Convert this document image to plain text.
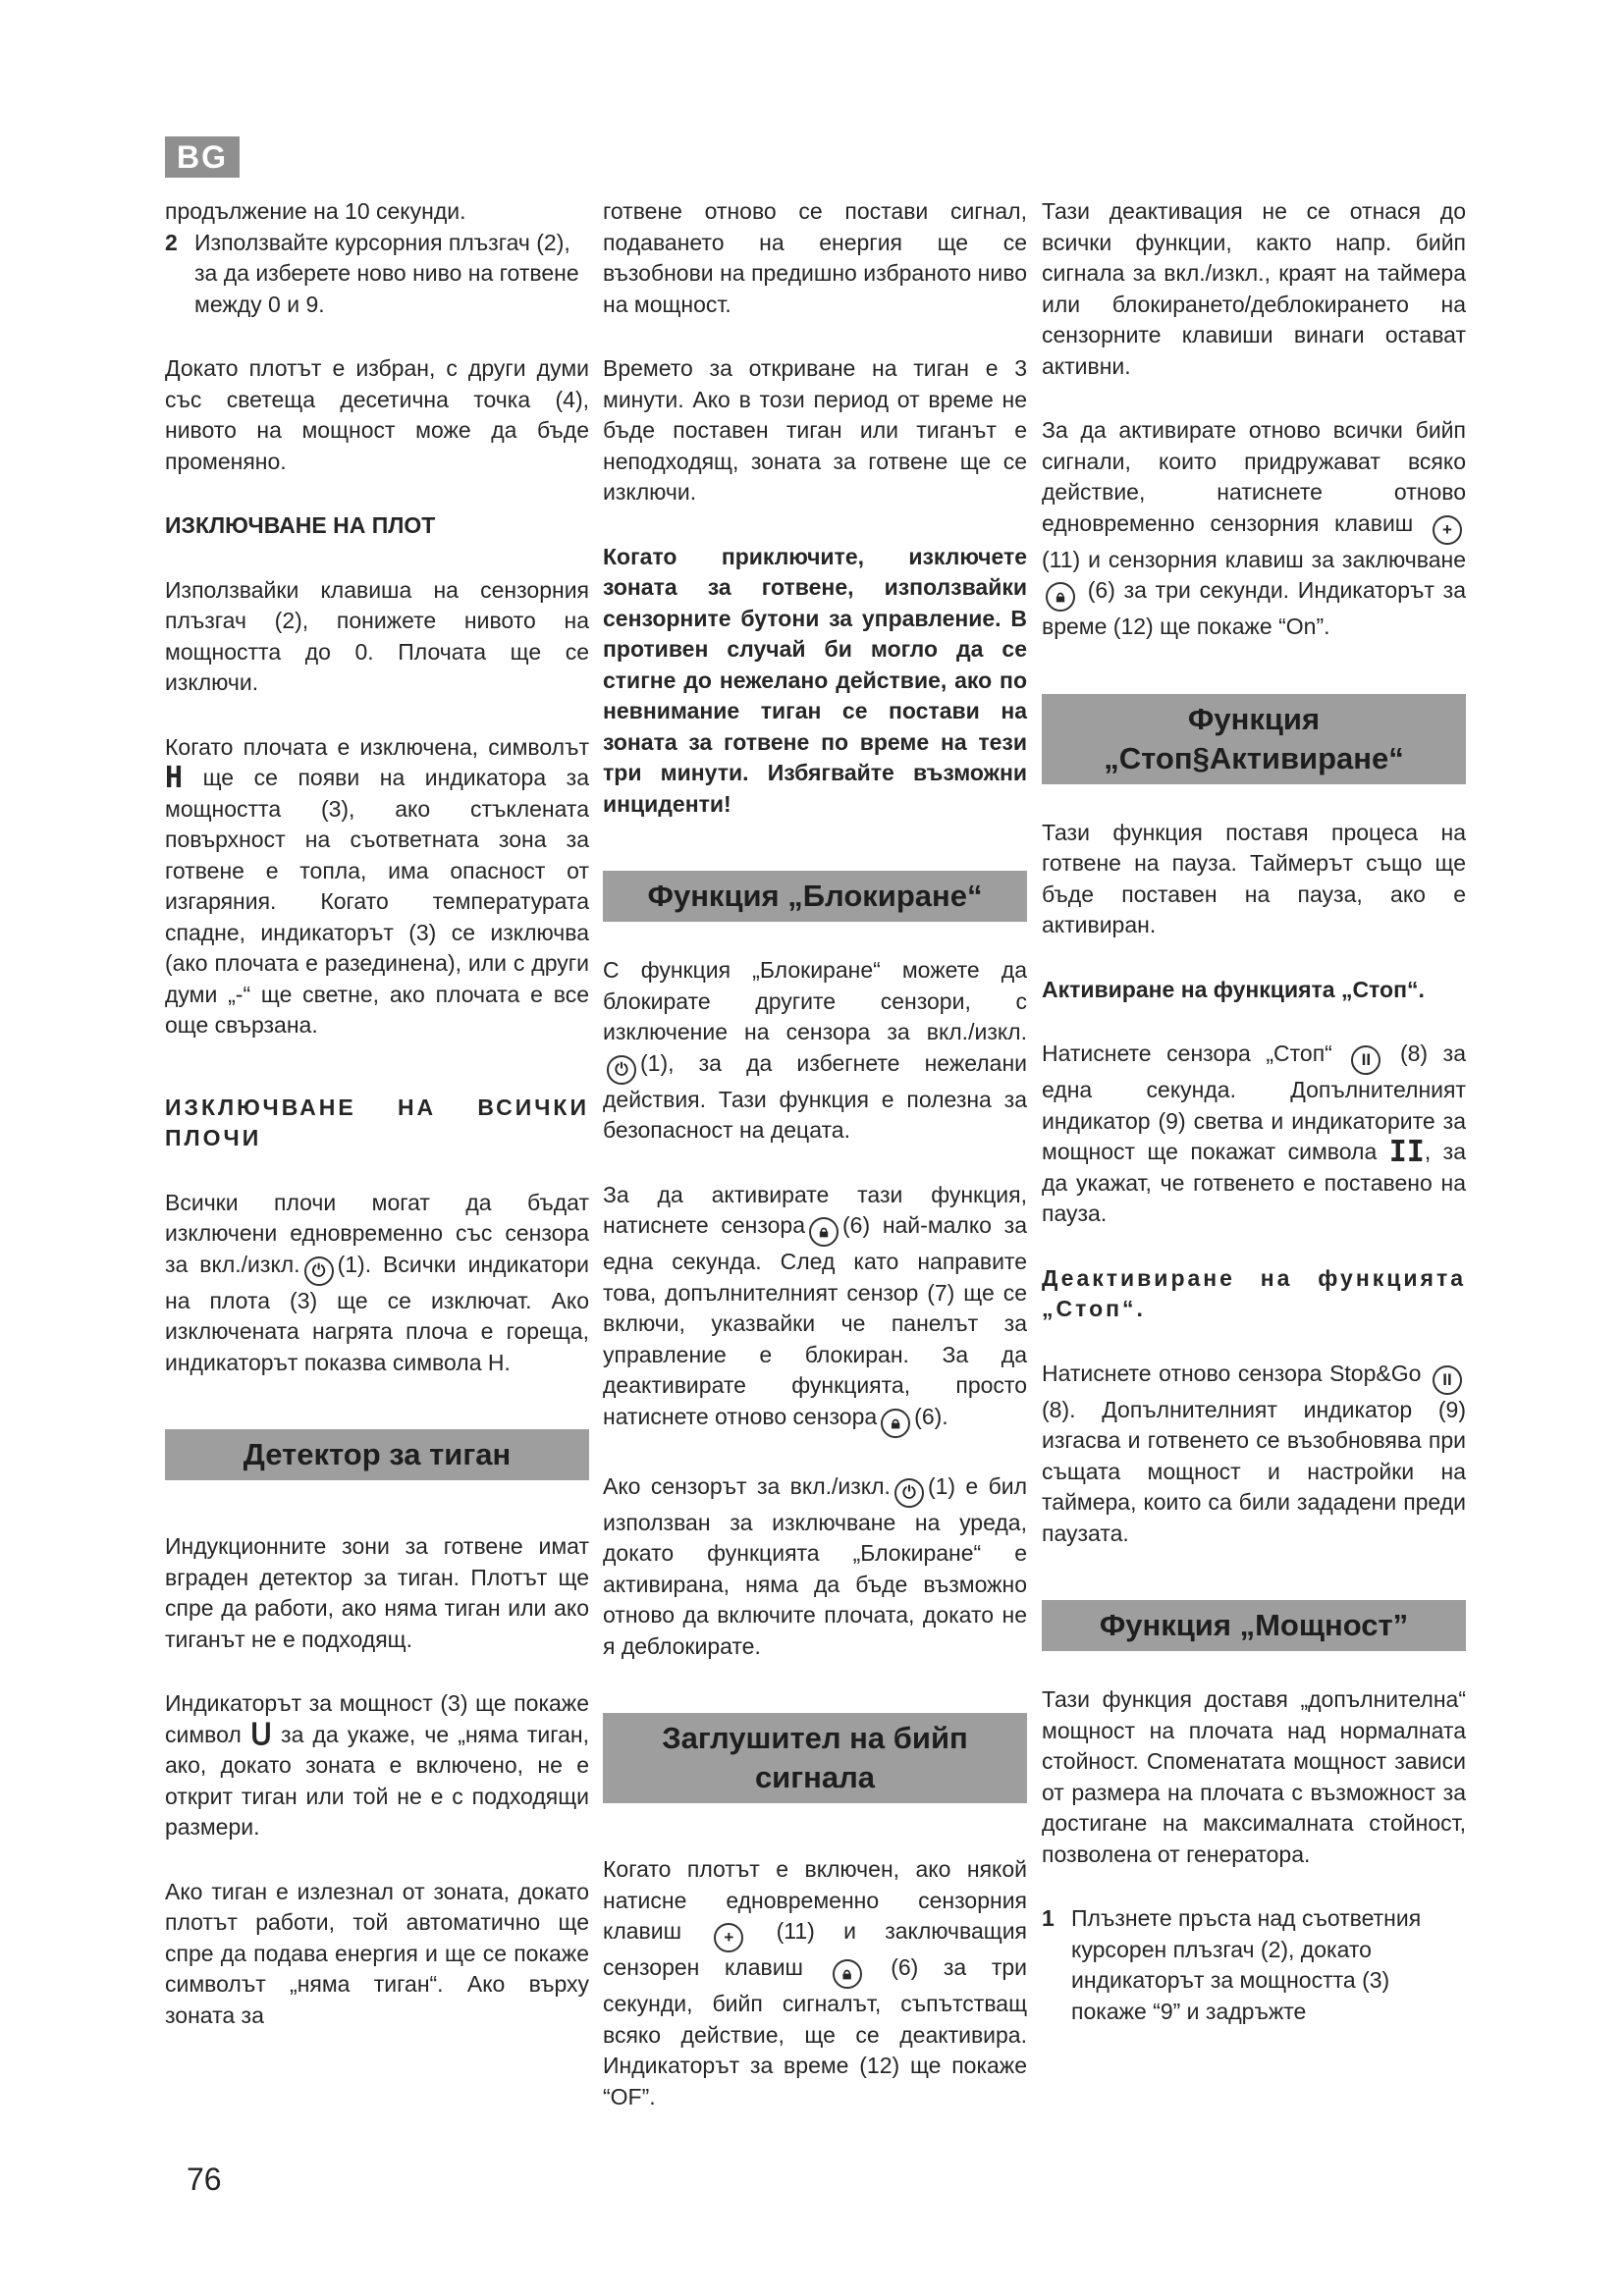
BG

продължение на 10 секунди.

2 Използвайте курсорния плъзгач (2), за да изберете ново ниво на готвене между 0 и 9.

Докато плотът е избран, с други думи със светеща десетична точка (4), нивото на мощност може да бъде променяно.

ИЗКЛЮЧВАНЕ НА ПЛОТ

Използвайки клавиша на сензорния плъзгач (2), понижете нивото на мощността до 0. Плочата ще се изключи.

Когато плочата е изключена, символът H ще се появи на индикатора за мощността (3), ако стъклената повърхност на съответната зона за готвене е топла, има опасност от изгаряния. Когато температурата спадне, индикаторът (3) се изключва (ако плочата е разединена), или с други думи „-“ ще светне, ако плочата е все още свързана.

ИЗКЛЮЧВАНЕ НА ВСИЧКИ ПЛОЧИ

Всички плочи могат да бъдат изключени едновременно със сензора за вкл./изкл. ⏻ (1). Всички индикатори на плота (3) ще се изключат. Ако изключената нагрята плоча е гореща, индикаторът показва символа Н.

Детектор за тиган

Индукционните зони за готвене имат вграден детектор за тиган. Плотът ще спре да работи, ако няма тиган или ако тиганът не е подходящ.

Индикаторът за мощност (3) ще покаже символ ᑌ за да укаже, че „няма тиган, ако, докато зоната е включено, не е открит тиган или той не е с подходящи размери.

Ако тиган е излезнал от зоната, докато плотът работи, той автоматично ще спре да подава енергия и ще се покаже символът „няма тиган“. Ако върху зоната за

готвене отново се постави сигнал, подаването на енергия ще се възобнови на предишно избраното ниво на мощност.

Времето за откриване на тиган е 3 минути. Ако в този период от време не бъде поставен тиган или тиганът е неподходящ, зоната за готвене ще се изключи.

Когато приключите, изключете зоната за готвене, използвайки сензорните бутони за управление. В противен случай би могло да се стигне до нежелано действие, ако по невнимание тиган се постави на зоната за готвене по време на тези три минути. Избягвайте възможни инциденти!

Функция „Блокиране“

С функция „Блокиране“ можете да блокирате другите сензори, с изключение на сензора за вкл./изкл. ⏻ (1), за да избегнете нежелани действия. Тази функция е полезна за безопасност на децата.

За да активирате тази функция, натиснете сензора 🔒︎ (6) най-малко за една секунда. След като направите това, допълнителният сензор (7) ще се включи, указвайки че панелът за управление е блокиран. За да деактивирате функцията, просто натиснете отново сензора 🔒︎ (6).

Ако сензорът за вкл./изкл. ⏻ (1) е бил използван за изключване на уреда, докато функцията „Блокиране“ е активирана, няма да бъде възможно отново да включите плочата, докато не я деблокирате.

Заглушител на бийп сигнала

Когато плотът е включен, ако някой натисне едновременно сензорния клавиш	+ (11) и заключващия сензорен клавиш 🔒︎ (6) за три секунди, бийп сигналът, съпътстващ всяко действие, ще се деактивира. Индикаторът за време (12) ще покаже “OF”.

Тази деактивация не се отнася до всички функции, както напр. бийп сигнала за вкл./изкл., краят на таймера или блокирането/деблокирането на сензорните клавиши винаги остават активни.

За да активирате отново всички бийп сигнали, които придружават всяко действие, натиснете отново едновременно сензорния клавиш + (11) и сензорния клавиш за заключване 🔒︎ (6) за три секунди. Индикаторът за време (12) ще покаже “On”.

Функция „Стоп§Активиране“

Тази функция поставя процеса на готвене на пауза. Таймерът също ще бъде поставен на пауза, ако е активиран.

Активиране на функцията „Стоп“.

Натиснете сензора „Стоп“ II (8) за една секунда. Допълнителният индикатор (9) светва и индикаторите за мощност ще покажат символа II, за да укажат, че готвенето е поставено на пауза.

Деактивиране на функцията „Стоп“.

Натиснете отново сензора Stop&Go II (8). Допълнителният индикатор (9) изгасва и готвенето се възобновява при същата мощност и настройки на таймера, които са били зададени преди паузата.

Функция „Мощност”

Тази функция доставя „допълнителна“ мощност на плочата над нормалната стойност. Споменатата мощност зависи от размера на плочата с възможност за достигане на максималната стойност, позволена от генератора.

1 Плъзнете пръста над съответния курсорен плъзгач (2), докато индикаторът за мощността (3) покаже “9” и задръжте
76
